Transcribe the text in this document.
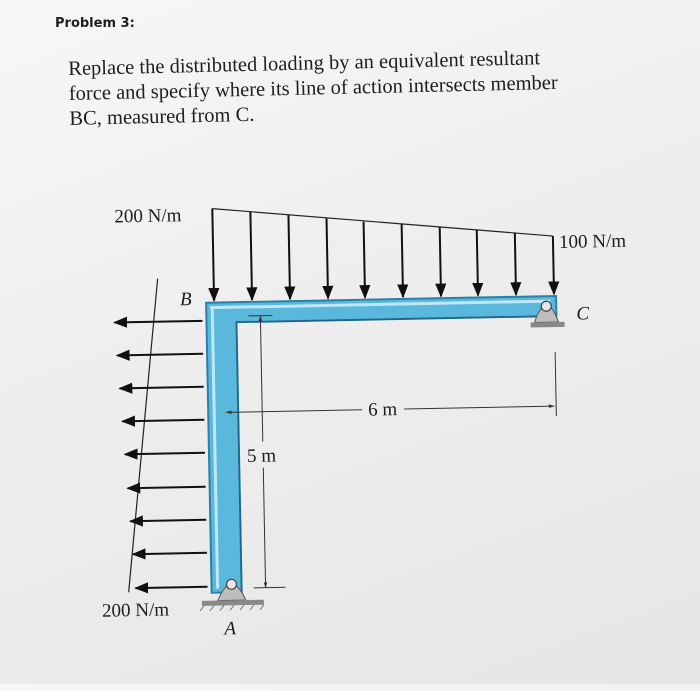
Problem 3:

Replace the distributed loading by an equivalent resultant

force and specify where its line of action intersects member

BC, measured from C.

200 N/m
100 N/m
200 N/m
B
C
A
6 m
5 m
